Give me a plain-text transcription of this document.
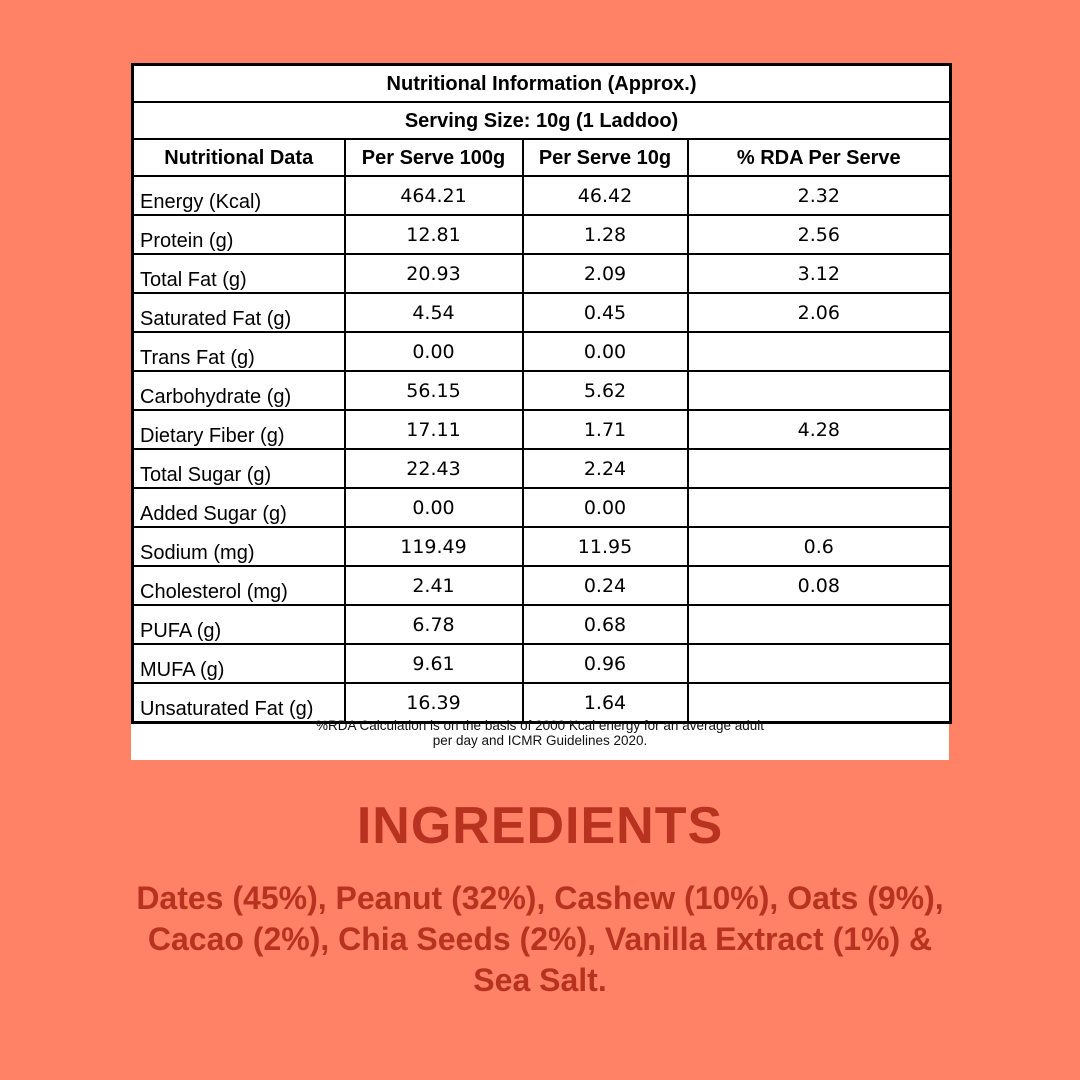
Nutritional Information (Approx.)			
Serving Size: 10g (1 Laddoo)			
Nutritional Data	Per Serve 100g	Per Serve 10g	% RDA Per Serve
Energy (Kcal)	464.21	46.42	2.32
Protein (g)	12.81	1.28	2.56
Total Fat (g)	20.93	2.09	3.12
Saturated Fat (g)	4.54	0.45	2.06
Trans Fat (g)	0.00	0.00	
Carbohydrate (g)	56.15	5.62	
Dietary Fiber (g)	17.11	1.71	4.28
Total Sugar (g)	22.43	2.24	
Added Sugar (g)	0.00	0.00	
Sodium (mg)	119.49	11.95	0.6
Cholesterol (mg)	2.41	0.24	0.08
PUFA (g)	6.78	0.68	
MUFA (g)	9.61	0.96	
Unsaturated Fat (g)	16.39	1.64	
%RDA Calculation is on the basis of 2000 Kcal energy for an average adult
per day and ICMR Guidelines 2020.
INGREDIENTS
Dates (45%), Peanut (32%), Cashew (10%), Oats (9%),
Cacao (2%), Chia Seeds (2%), Vanilla Extract (1%) &
Sea Salt.
